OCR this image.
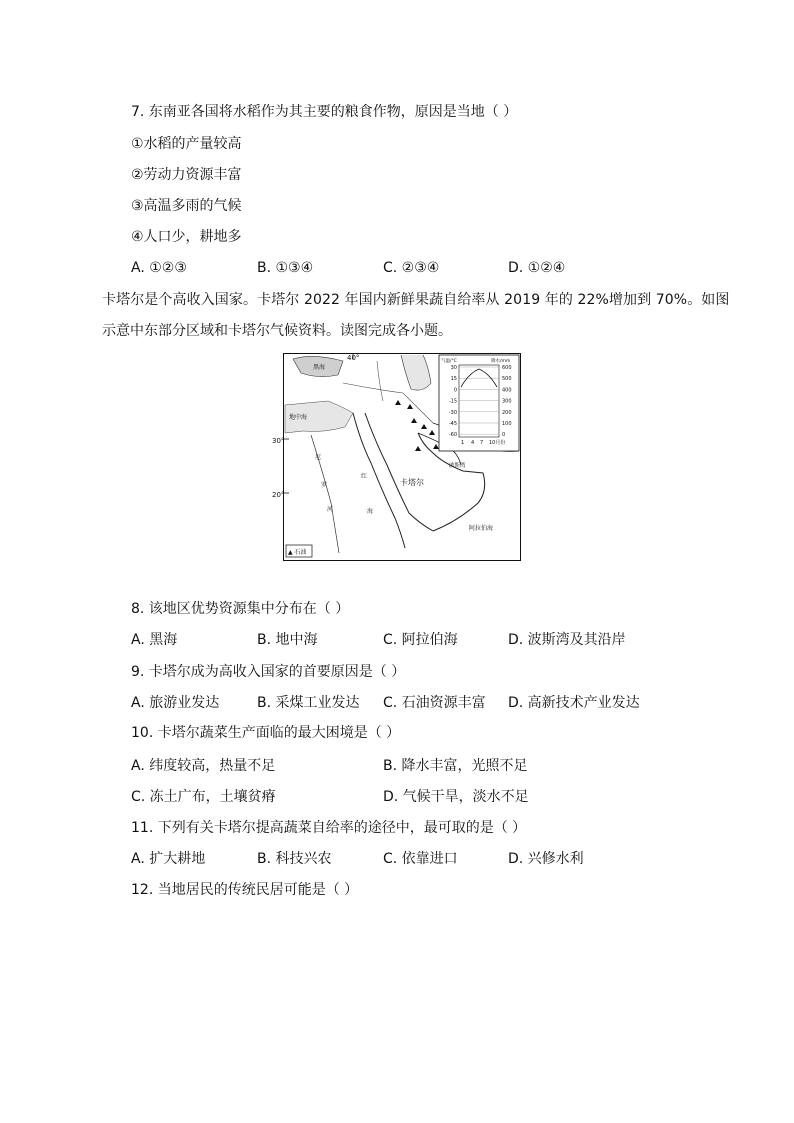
7. 东南亚各国将水稻作为其主要的粮食作物，原因是当地（ ）
①水稻的产量较高
②劳动力资源丰富
③高温多雨的气候
④人口少，耕地多
A. ①②③	B. ①③④	C. ②③④	D. ①②④
卡塔尔是个高收入国家。卡塔尔 2022 年国内新鲜果蔬自给率从 2019 年的 22%增加到 70%。如图
示意中东部分区域和卡塔尔气候资料。读图完成各小题。
40°
30°
20°
黑海
地中海
卡塔尔
波斯湾
阿拉伯海
尼
罗
河
红
海
▲ 石油
气温/°C	降水/mm
30
15
0
-15
-30
-45
-60
600
500
400
300
200
100
0
1 4 7 10月份
8. 该地区优势资源集中分布在（ ）
A. 黑海	B. 地中海	C. 阿拉伯海	D. 波斯湾及其沿岸
9. 卡塔尔成为高收入国家的首要原因是（ ）
A. 旅游业发达	B. 采煤工业发达 C. 石油资源丰富 D. 高新技术产业发达
10. 卡塔尔蔬菜生产面临的最大困境是（ ）
A. 纬度较高，热量不足	B. 降水丰富，光照不足
C. 冻土广布，土壤贫瘠	D. 气候干旱，淡水不足
11. 下列有关卡塔尔提高蔬菜自给率的途径中，最可取的是（ ）
A. 扩大耕地	B. 科技兴农	C. 依靠进口	D. 兴修水利
12. 当地居民的传统民居可能是（ ）
